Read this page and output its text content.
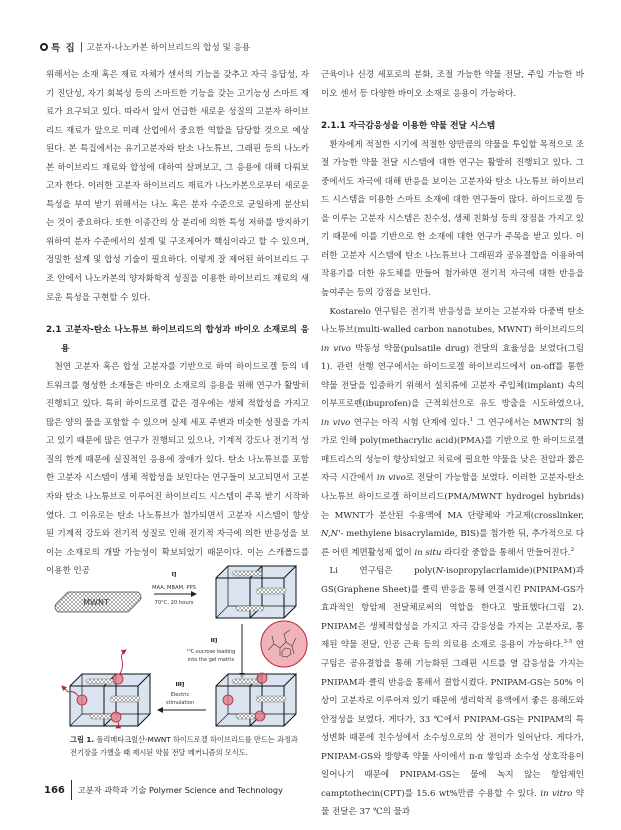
특 집 고분자-나노카본 하이브리드의 합성 및 응용

위해서는 소재 혹은 재료 자체가 센서의 기능을 갖추고 자극 응답성, 자기 진단성, 자기 회복성 등의 스마트한 기능을 갖는 고기능성 스마트 재료가 요구되고 있다. 따라서 앞서 언급한 새로운 성질의 고분자 하이브리드 재료가 앞으로 미래 산업에서 중요한 역할을 담당할 것으로 예상된다. 본 특집에서는 유기고분자와 탄소 나노튜브, 그래핀 등의 나노카본 하이브리드 재료와 합성에 대하여 살펴보고, 그 응용에 대해 다뤄보고자 한다. 이러한 고분자 하이브리드 재료가 나노카본으로부터 새로운 특성을 부여 받기 위해서는 나노 혹은 분자 수준으로 균일하게 분산되는 것이 중요하다. 또한 이종간의 상 분리에 의한 특성 저하를 방지하기 위하여 분자 수준에서의 설계 및 구조제어가 핵심이라고 할 수 있으며, 정밀한 설계 및 합성 기술이 필요하다. 이렇게 잘 제어된 하이브리드 구조 안에서 나노카본의 양자화학적 성질을 이용한 하이브리드 재료의 새로운 특성을 구현할 수 있다.

2.1 고분자-탄소 나노튜브 하이브리드의 합성과 바이오 소재로의 응용

천연 고분자 혹은 합성 고분자를 기반으로 하여 하이드로겔 등의 네트워크를 형성한 소재들은 바이오 소재로의 응용을 위해 연구가 활발히 진행되고 있다. 특히 하이드로겔 같은 경우에는 생체 적합성을 가지고 많은 양의 물을 포함할 수 있으며 실제 세포 주변과 비슷한 성질을 가지고 있기 때문에 많은 연구가 진행되고 있으나, 기계적 강도나 전기적 성질의 한계 때문에 실질적인 응용에 장애가 있다. 탄소 나노튜브를 포함한 고분자 시스템이 생체 적합성을 보인다는 연구들이 보고되면서 고분자와 탄소 나노튜브로 이루어진 하이브리드 시스템이 주목 받기 시작하였다. 그 이유로는 탄소 나노튜브가 첨가되면서 고분자 시스템이 향상된 기계적 강도와 전기적 성질로 인해 전기적 자극에 의한 반응성을 보이는 소재로의 개발 가능성이 확보되었기 때문이다. 이는 스캐폴드를 이용한 인공

MWNT
I]
MAA, MBAM, PPS
70°C, 20 hours
II]
¹⁴C-sucrose loading
into the gel matrix
III]
Electric
stimulation
그림 1. 폴리메타크릴산-MWNT 하이드로겔 하이브리드를 만드는 과정과 전기장을 가했을 때 제시된 약물 전달 메커니즘의 모식도.

근육이나 신경 세포로의 분화, 조절 가능한 약물 전달, 주입 가능한 바이오 센서 등 다양한 바이오 소재로 응용이 가능하다.

2.1.1 자극감응성을 이용한 약물 전달 시스템

환자에게 적절한 시기에 적절한 양만큼의 약물을 투입할 목적으로 조절 가능한 약물 전달 시스템에 대한 연구는 활발히 진행되고 있다. 그 중에서도 자극에 대해 반응을 보이는 고분자와 탄소 나노튜브 하이브리드 시스템을 이용한 스마트 소재에 대한 연구들이 많다. 하이드로겔 등을 이루는 고분자 시스템은 친수성, 생체 친화성 등의 장점을 가지고 있기 때문에 이를 기반으로 한 소재에 대한 연구가 주목을 받고 있다. 이러한 고분자 시스템에 탄소 나노튜브나 그래핀과 공유결합을 이용하여 작용기를 더한 유도체를 만들어 첨가하면 전기적 자극에 대한 반응을 높여주는 등의 강점을 보인다.

Kostarelo 연구팀은 전기적 반응성을 보이는 고분자와 다중벽 탄소 나노튜브(multi-walled carbon nanotubes, MWNT) 하이브리드의 in vivo 박동성 약물(pulsatile drug) 전달의 효율성을 보였다(그림 1). 관련 선행 연구에서는 하이드로겔 하이브리드에서 on-off를 통한 약물 전달을 입증하기 위해서 설치류에 고분자 주입체(implant) 속의 이부프로펜(ibuprofen)을 근적외선으로 유도 방출을 시도하였으나, in vivo 연구는 아직 시험 단계에 있다.$^1$ 그 연구에서는 MWNT의 첨가로 인해 poly(methacrylic acid)(PMA)를 기반으로 한 하이드로겔 매트리스의 성능이 향상되었고 치료에 필요한 약물을 낮은 전압과 짧은 자극 시간에서 in vivo로 전달이 가능함을 보였다. 이러한 고분자-탄소 나노튜브 하이드로겔 하이브리드(PMA/MWNT hydrogel hybrids)는 MWNT가 분산된 수용액에 MA 단량체와 가교제(crosslinker, N,N'- methylene bisacrylamide, BIS)를 첨가한 뒤, 추가적으로 다른 어떤 계면활성제 없이 in situ 라디칼 중합을 통해서 만들어진다.$^2$

Li 연구팀은 poly(N-isopropylacrlamide)(PNIPAM)과 GS(Graphene Sheet)를 클릭 반응을 통해 연결시킨 PNIPAM-GS가 효과적인 항암제 전달체로써의 역할을 한다고 발표했다(그림 2). PNIPAM은 생체적합성을 가지고 자극 감응성을 가지는 고분자로, 통제된 약물 전달, 인공 근육 등의 의료용 소재로 응용이 가능하다.$^{3-5}$ 연구팀은 공유결합을 통해 기능화된 그래핀 시트를 열 감응성을 가지는 PNIPAM과 클릭 반응을 통해서 결합시켰다. PNIPAM-GS는 50% 이상이 고분자로 이루어져 있기 때문에 생리학적 용액에서 좋은 용해도와 안정성을 보였다. 게다가, 33 ℃에서 PNIPAM-GS는 PNIPAM의 특성변화 때문에 친수성에서 소수성으로의 상 전이가 일어난다. 게다가, PNIPAM-GS와 방향족 약물 사이에서 π-π 쌓임과 소수성 상호작용이 일어나기 때문에 PNIPAM-GS는 물에 녹지 않는 항암제인 camptothecin(CPT)를 15.6 wt%만큼 수용할 수 있다. in vitro 약물 전달은 37 ℃의 물과

166 고분자 과학과 기술 Polymer Science and Technology
